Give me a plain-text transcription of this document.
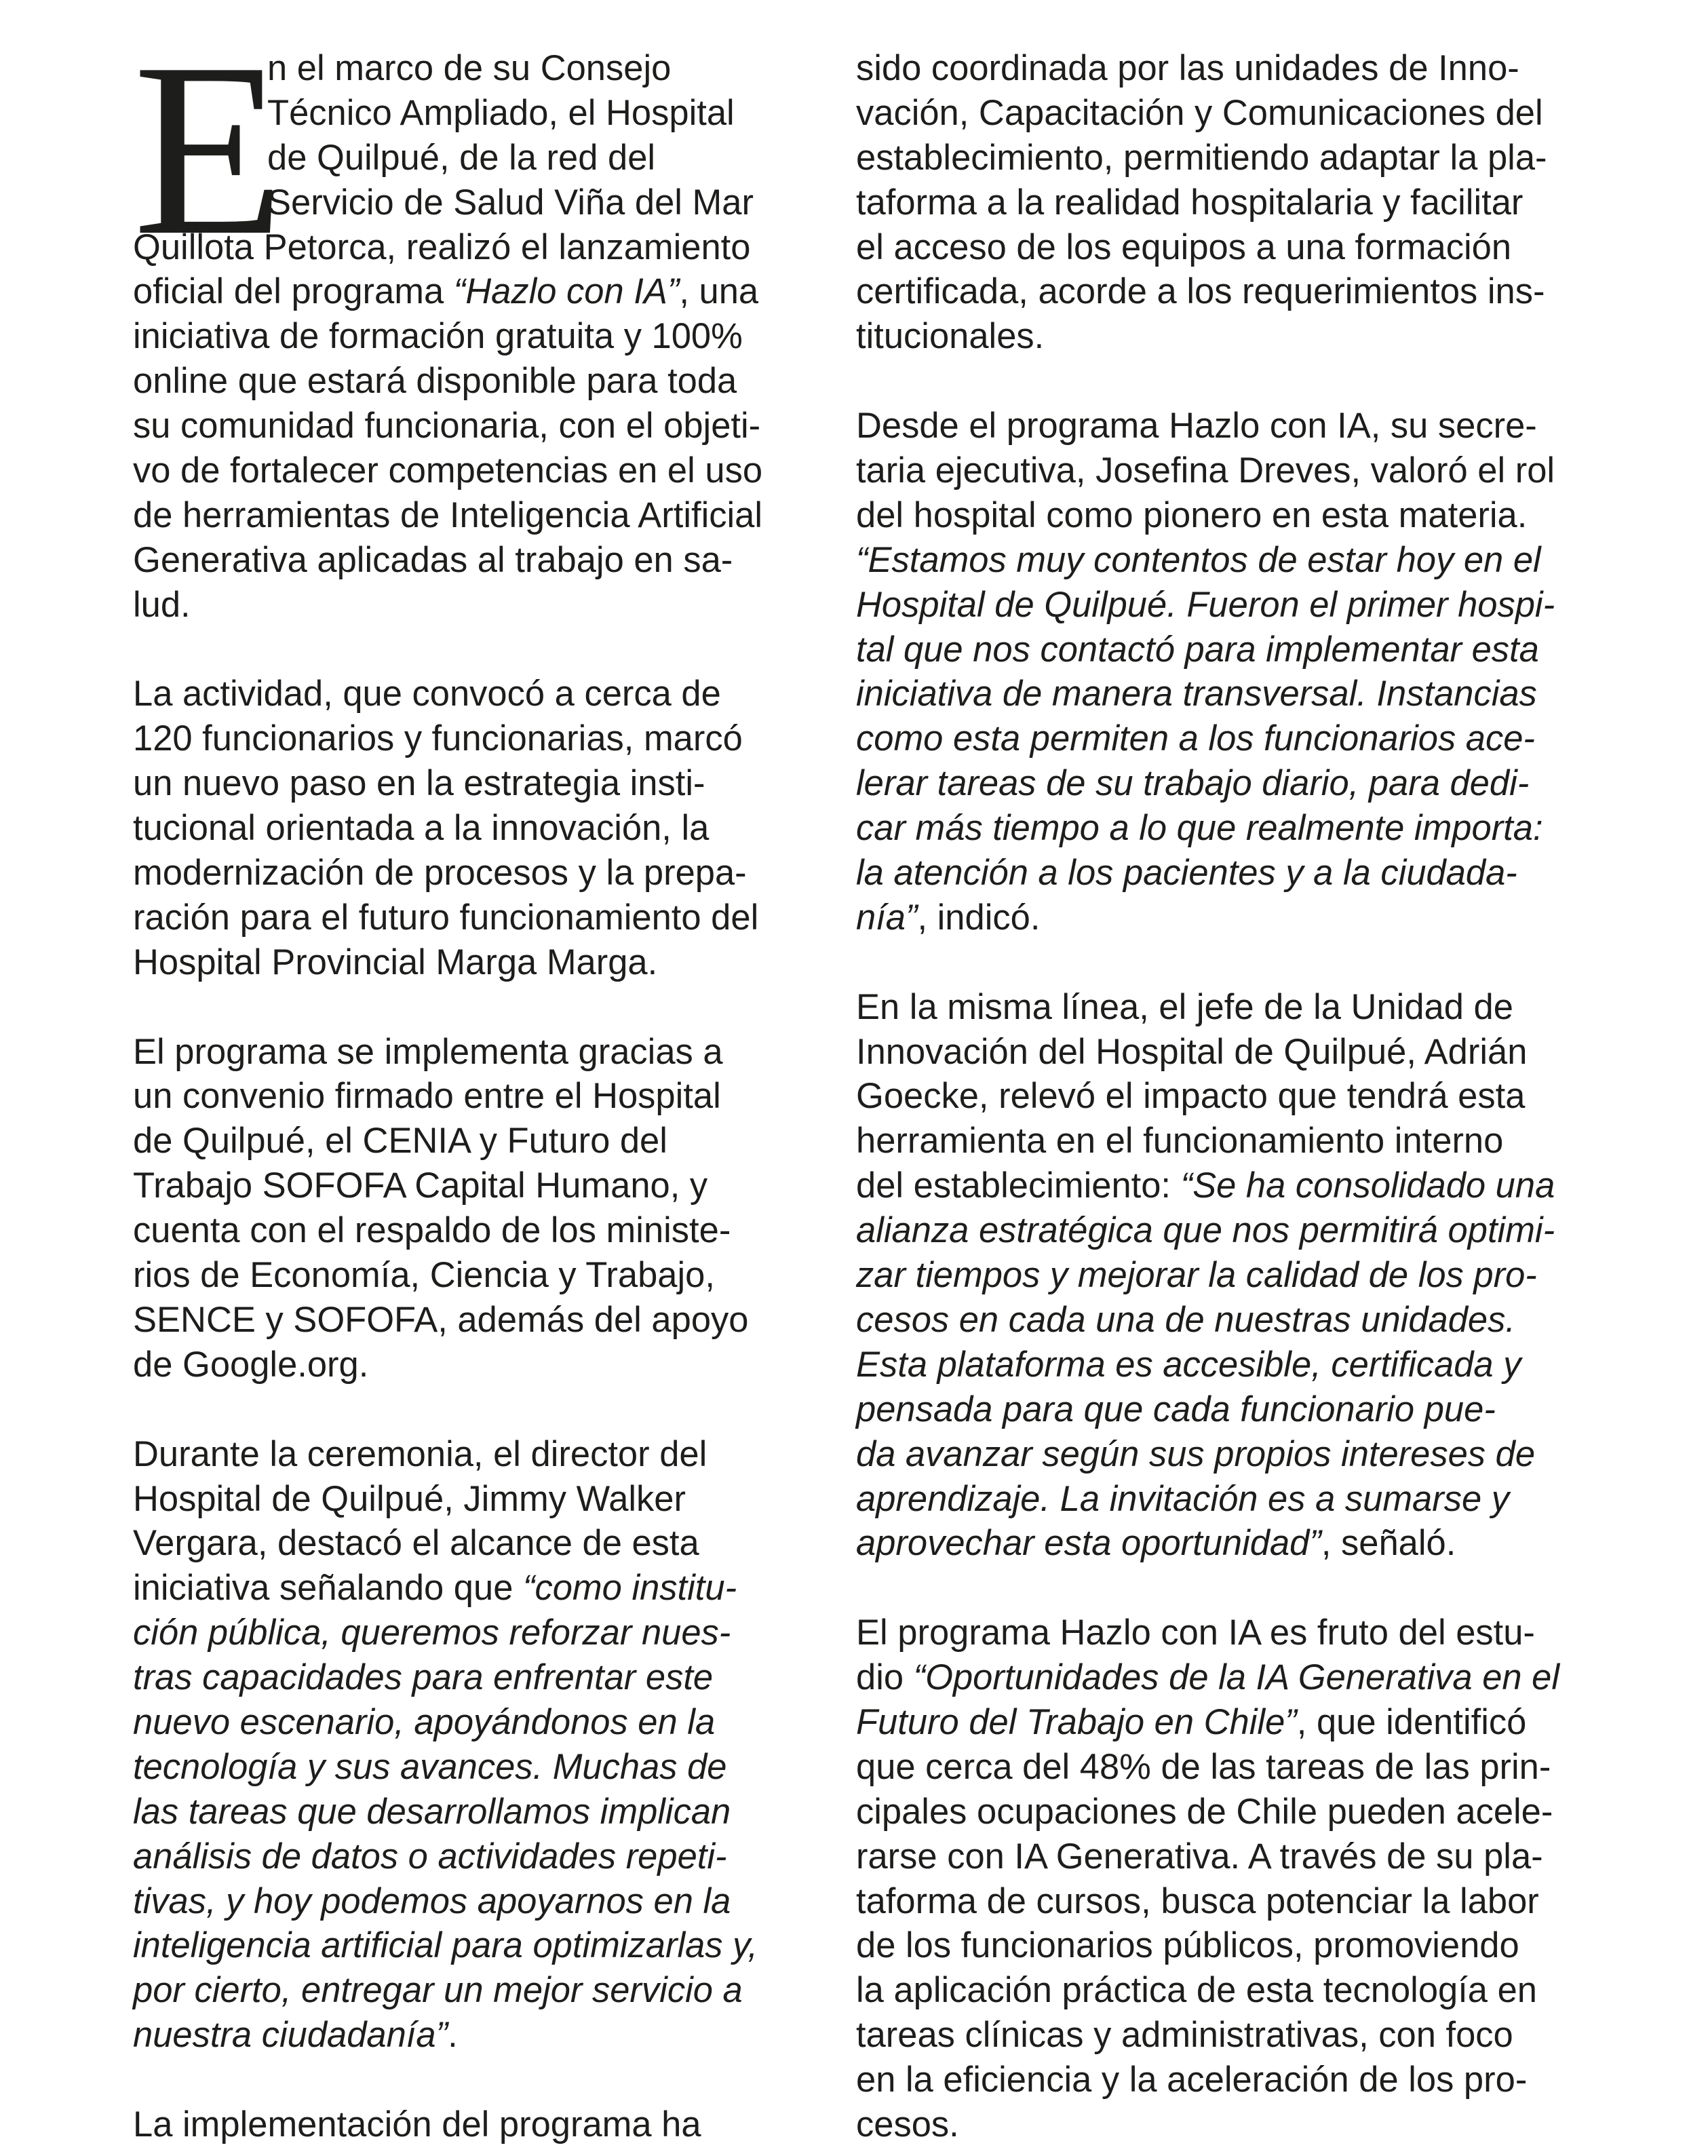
E
n el marco de su Consejo
Técnico Ampliado, el Hospital
de Quilpué, de la red del
Servicio de Salud Viña del Mar
Quillota Petorca, realizó el lanzamiento
oficial del programa “Hazlo con IA”, una
iniciativa de formación gratuita y 100%
online que estará disponible para toda
su comunidad funcionaria, con el objeti-
vo de fortalecer competencias en el uso
de herramientas de Inteligencia Artificial
Generativa aplicadas al trabajo en sa-
lud.
La actividad, que convocó a cerca de
120 funcionarios y funcionarias, marcó
un nuevo paso en la estrategia insti-
tucional orientada a la innovación, la
modernización de procesos y la prepa-
ración para el futuro funcionamiento del
Hospital Provincial Marga Marga.
El programa se implementa gracias a
un convenio firmado entre el Hospital
de Quilpué, el CENIA y Futuro del
Trabajo SOFOFA Capital Humano, y
cuenta con el respaldo de los ministe-
rios de Economía, Ciencia y Trabajo,
SENCE y SOFOFA, además del apoyo
de Google.org.
Durante la ceremonia, el director del
Hospital de Quilpué, Jimmy Walker
Vergara, destacó el alcance de esta
iniciativa señalando que “como institu-
ción pública, queremos reforzar nues-
tras capacidades para enfrentar este
nuevo escenario, apoyándonos en la
tecnología y sus avances. Muchas de
las tareas que desarrollamos implican
análisis de datos o actividades repeti-
tivas, y hoy podemos apoyarnos en la
inteligencia artificial para optimizarlas y,
por cierto, entregar un mejor servicio a
nuestra ciudadanía”.
La implementación del programa ha
sido coordinada por las unidades de Inno-
vación, Capacitación y Comunicaciones del
establecimiento, permitiendo adaptar la pla-
taforma a la realidad hospitalaria y facilitar
el acceso de los equipos a una formación
certificada, acorde a los requerimientos ins-
titucionales.
Desde el programa Hazlo con IA, su secre-
taria ejecutiva, Josefina Dreves, valoró el rol
del hospital como pionero en esta materia.
“Estamos muy contentos de estar hoy en el
Hospital de Quilpué. Fueron el primer hospi-
tal que nos contactó para implementar esta
iniciativa de manera transversal. Instancias
como esta permiten a los funcionarios ace-
lerar tareas de su trabajo diario, para dedi-
car más tiempo a lo que realmente importa:
la atención a los pacientes y a la ciudada-
nía”, indicó.
En la misma línea, el jefe de la Unidad de
Innovación del Hospital de Quilpué, Adrián
Goecke, relevó el impacto que tendrá esta
herramienta en el funcionamiento interno
del establecimiento: “Se ha consolidado una
alianza estratégica que nos permitirá optimi-
zar tiempos y mejorar la calidad de los pro-
cesos en cada una de nuestras unidades.
Esta plataforma es accesible, certificada y
pensada para que cada funcionario pue-
da avanzar según sus propios intereses de
aprendizaje. La invitación es a sumarse y
aprovechar esta oportunidad”, señaló.
El programa Hazlo con IA es fruto del estu-
dio “Oportunidades de la IA Generativa en el
Futuro del Trabajo en Chile”, que identificó
que cerca del 48% de las tareas de las prin-
cipales ocupaciones de Chile pueden acele-
rarse con IA Generativa. A través de su pla-
taforma de cursos, busca potenciar la labor
de los funcionarios públicos, promoviendo
la aplicación práctica de esta tecnología en
tareas clínicas y administrativas, con foco
en la eficiencia y la aceleración de los pro-
cesos.
